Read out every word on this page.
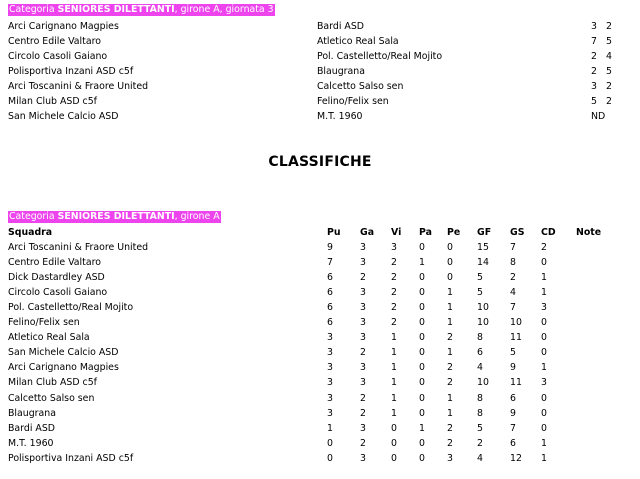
Categoria SENIORES DILETTANTI, girone A, giornata 3
Arci Carignano Magpies	Bardi ASD	3 2
Centro Edile Valtaro	Atletico Real Sala	7 5
Circolo Casoli Gaiano	Pol. Castelletto/Real Mojito	2 4
Polisportiva Inzani ASD c5f	Blaugrana	2 5
Arci Toscanini & Fraore United	Calcetto Salso sen	3 2
Milan Club ASD c5f	Felino/Felix sen	5 2
San Michele Calcio ASD	M.T. 1960	ND
CLASSIFICHE
Categoria SENIORES DILETTANTI, girone A
Squadra	Pu Ga Vi Pa Pe GF GS CD Note
Arci Toscanini & Fraore United	9	3	3 0 0	15 7	2
Centro Edile Valtaro	7	3	2 1 0	14 8	0
Dick Dastardley ASD	6	2	2 0 0	5	2	1
Circolo Casoli Gaiano	6	3	2 0 1	5	4	1
Pol. Castelletto/Real Mojito	6	3	2 0 1	10 7	3
Felino/Felix sen	6	3	2 0 1	10 10 0
Atletico Real Sala	3	3	1 0 2	8	11 0
San Michele Calcio ASD	3	2	1 0 1	6	5	0
Arci Carignano Magpies	3	3	1 0 2	4	9	1
Milan Club ASD c5f	3	3	1 0 2	10 11 3
Calcetto Salso sen	3	2	1 0 1	8	6	0
Blaugrana	3	2	1 0 1	8	9	0
Bardi ASD	1	3	0 1 2	5	7	0
M.T. 1960	0	2	0 0 2	2	6	1
Polisportiva Inzani ASD c5f	0	3	0 0 3	4	12 1
